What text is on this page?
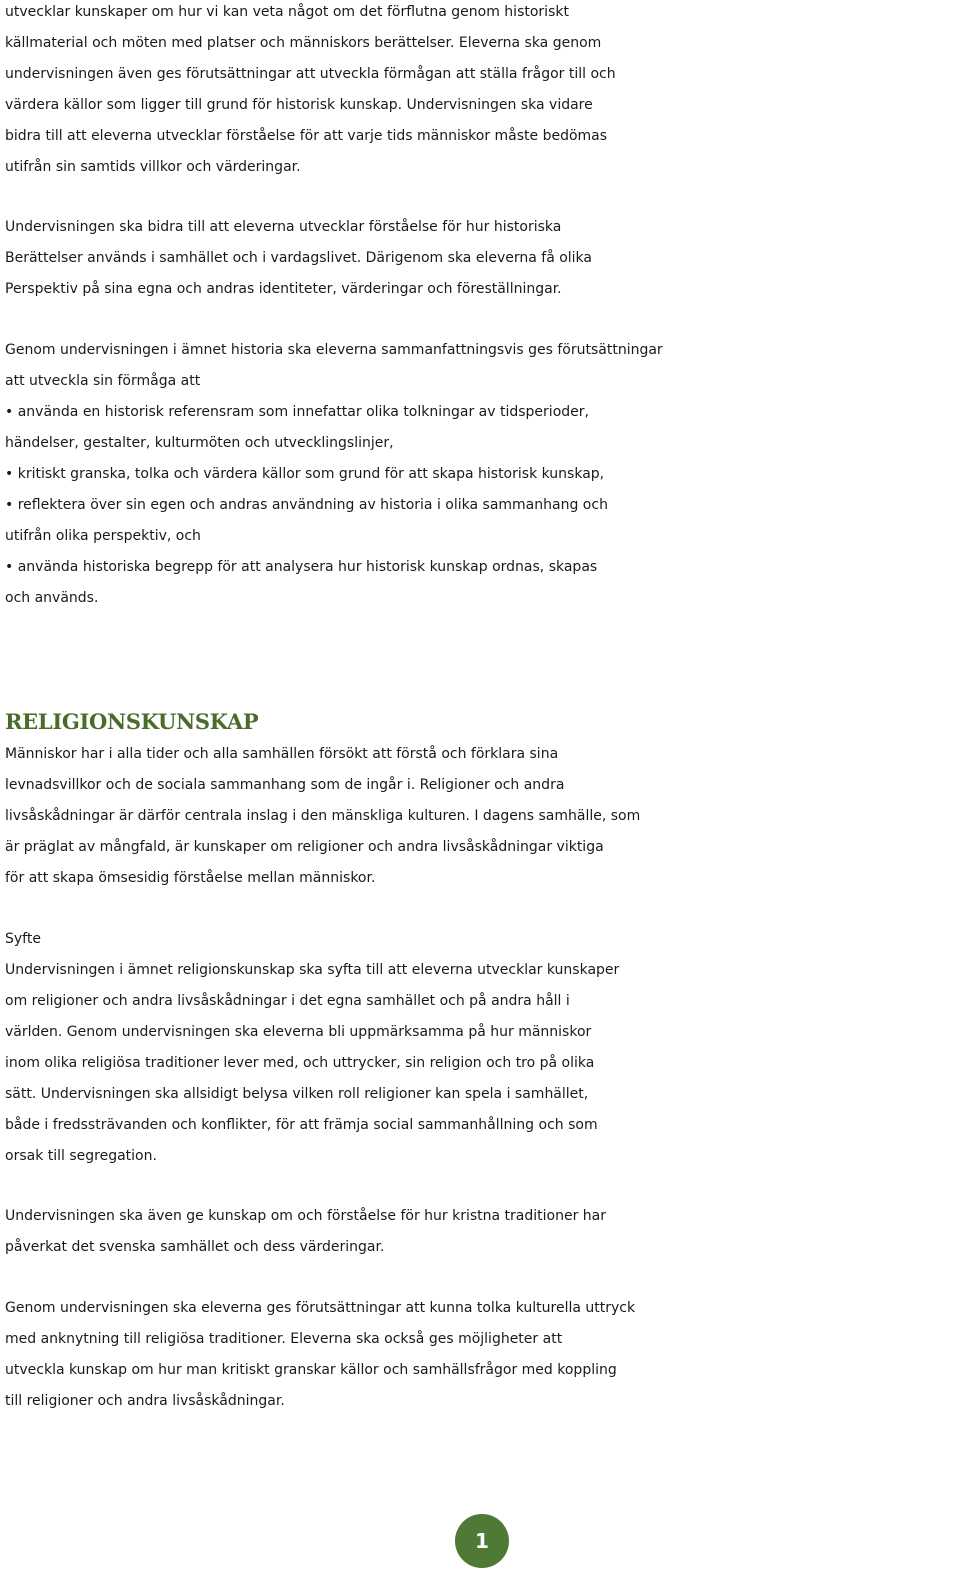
utvecklar kunskaper om hur vi kan veta något om det förflutna genom historiskt
källmaterial och möten med platser och människors berättelser. Eleverna ska genom
undervisningen även ges förutsättningar att utveckla förmågan att ställa frågor till och
värdera källor som ligger till grund för historisk kunskap. Undervisningen ska vidare
bidra till att eleverna utvecklar förståelse för att varje tids människor måste bedömas
utifrån sin samtids villkor och värderingar.
Undervisningen ska bidra till att eleverna utvecklar förståelse för hur historiska
Berättelser används i samhället och i vardagslivet. Därigenom ska eleverna få olika
Perspektiv på sina egna och andras identiteter, värderingar och föreställningar.
Genom undervisningen i ämnet historia ska eleverna sammanfattningsvis ges förutsättningar
att utveckla sin förmåga att
• använda en historisk referensram som innefattar olika tolkningar av tidsperioder,
händelser, gestalter, kulturmöten och utvecklingslinjer,
• kritiskt granska, tolka och värdera källor som grund för att skapa historisk kunskap,
• reflektera över sin egen och andras användning av historia i olika sammanhang och
utifrån olika perspektiv, och
• använda historiska begrepp för att analysera hur historisk kunskap ordnas, skapas
och används.
RELIGIONSKUNSKAP
Människor har i alla tider och alla samhällen försökt att förstå och förklara sina
levnadsvillkor och de sociala sammanhang som de ingår i. Religioner och andra
livsåskådningar är därför centrala inslag i den mänskliga kulturen. I dagens samhälle, som
är präglat av mångfald, är kunskaper om religioner och andra livsåskådningar viktiga
för att skapa ömsesidig förståelse mellan människor.
Syfte
Undervisningen i ämnet religionskunskap ska syfta till att eleverna utvecklar kunskaper
om religioner och andra livsåskådningar i det egna samhället och på andra håll i
världen. Genom undervisningen ska eleverna bli uppmärksamma på hur människor
inom olika religiösa traditioner lever med, och uttrycker, sin religion och tro på olika
sätt. Undervisningen ska allsidigt belysa vilken roll religioner kan spela i samhället,
både i fredssträvanden och konflikter, för att främja social sammanhållning och som
orsak till segregation.
Undervisningen ska även ge kunskap om och förståelse för hur kristna traditioner har
påverkat det svenska samhället och dess värderingar.
Genom undervisningen ska eleverna ges förutsättningar att kunna tolka kulturella uttryck
med anknytning till religiösa traditioner. Eleverna ska också ges möjligheter att
utveckla kunskap om hur man kritiskt granskar källor och samhällsfrågor med koppling
till religioner och andra livsåskådningar.
1
